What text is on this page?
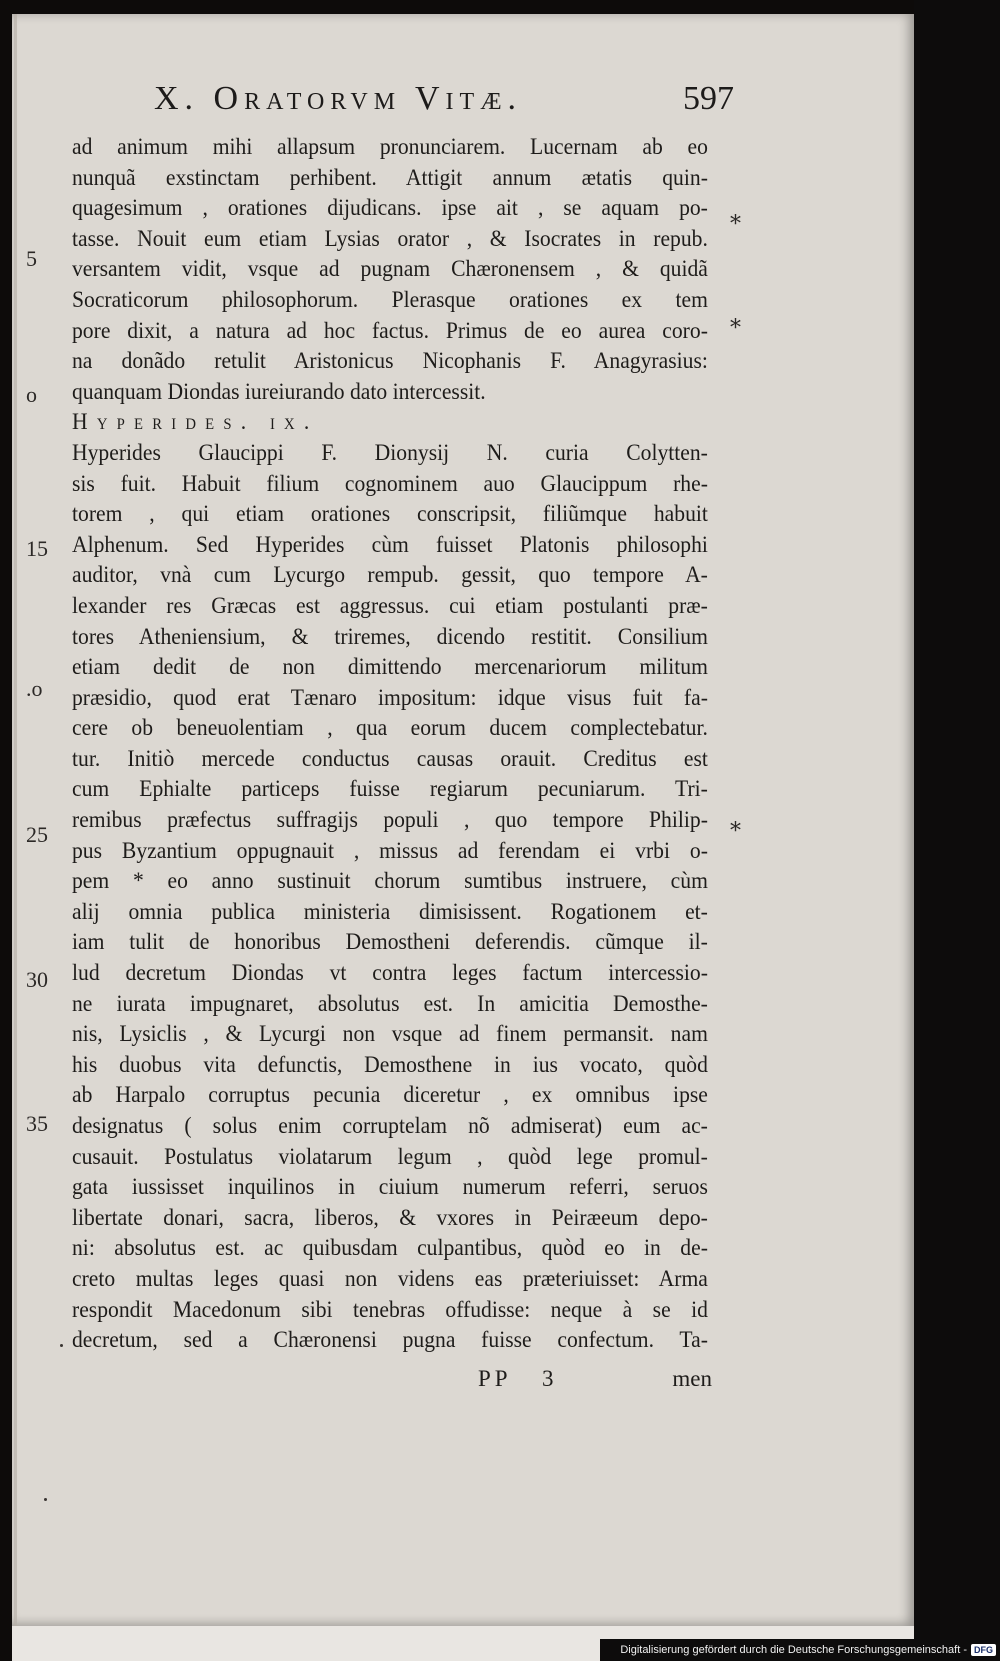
X. Oratorvm Vitæ.	597
ad animum mihi allapsum pronunciarem. Lucernam ab eo
nunquã exstinctam perhibent. Attigit annum ætatis quin-
quagesimum , orationes dijudicans. ipse ait , se aquam po-
tasse. Nouit eum etiam Lysias orator , & Isocrates in repub.
versantem vidit, vsque ad pugnam Chæronensem , & quidã
Socraticorum philosophorum. Plerasque orationes ex tem
pore dixit, a natura ad hoc factus. Primus de eo aurea coro-
na donãdo retulit Aristonicus Nicophanis F. Anagyrasius:
quanquam Diondas iureiurando dato intercessit.
Hyperides. ix.
Hyperides Glaucippi F. Dionysij N. curia Colytten-
sis fuit. Habuit filium cognominem auo Glaucippum rhe-
torem , qui etiam orationes conscripsit, filiũmque habuit
Alphenum. Sed Hyperides cùm fuisset Platonis philosophi
auditor, vnà cum Lycurgo rempub. gessit, quo tempore A-
lexander res Græcas est aggressus. cui etiam postulanti præ-
tores Atheniensium, & triremes, dicendo restitit. Consilium
etiam dedit de non dimittendo mercenariorum militum
præsidio, quod erat Tænaro impositum: idque visus fuit fa-
cere ob beneuolentiam , qua eorum ducem complectebatur.
tur. Initiò mercede conductus causas orauit. Creditus est
cum Ephialte particeps fuisse regiarum pecuniarum. Tri-
remibus præfectus suffragijs populi , quo tempore Philip-
pus Byzantium oppugnauit , missus ad ferendam ei vrbi o-
pem * eo anno sustinuit chorum sumtibus instruere, cùm
alij omnia publica ministeria dimisissent. Rogationem et-
iam tulit de honoribus Demostheni deferendis. cũmque il-
lud decretum Diondas vt contra leges factum intercessio-
ne iurata impugnaret, absolutus est. In amicitia Demosthe-
nis, Lysiclis , & Lycurgi non vsque ad finem permansit. nam
his duobus vita defunctis, Demosthene in ius vocato, quòd
ab Harpalo corruptus pecunia diceretur , ex omnibus ipse
designatus ( solus enim corruptelam nõ admiserat) eum ac-
cusauit. Postulatus violatarum legum , quòd lege promul-
gata iussisset inquilinos in ciuium numerum referri, seruos
libertate donari, sacra, liberos, & vxores in Peiræeum depo-
ni: absolutus est. ac quibusdam culpantibus, quòd eo in de-
creto multas leges quasi non videns eas præteriuisset: Arma
respondit Macedonum sibi tenebras offudisse: neque à se id
decretum, sed a Chæronensi pugna fuisse confectum. Ta-
5
o
15
.o
25
30
35
*
*
*
PP 3	men
Digitalisierung gefördert durch die Deutsche Forschungsgemeinschaft - DFG
